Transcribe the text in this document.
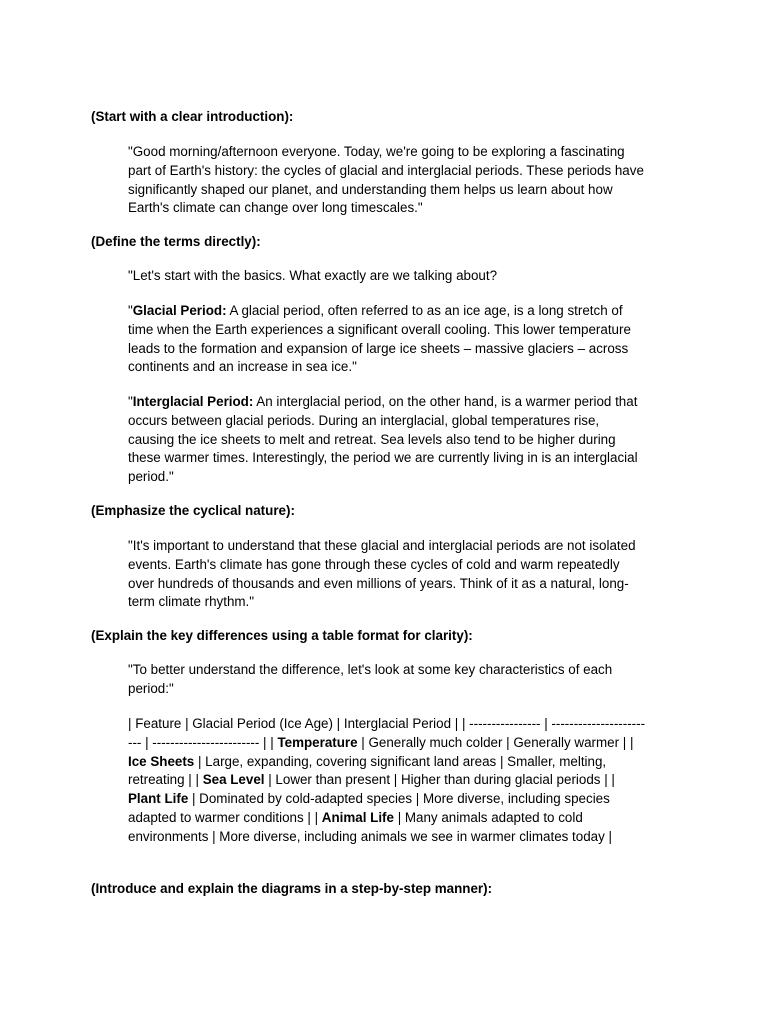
(Start with a clear introduction):

"Good morning/afternoon everyone. Today, we're going to be exploring a fascinating part of Earth's history: the cycles of glacial and interglacial periods. These periods have significantly shaped our planet, and understanding them helps us learn about how Earth's climate can change over long timescales."

(Define the terms directly):

"Let's start with the basics. What exactly are we talking about?

"Glacial Period: A glacial period, often referred to as an ice age, is a long stretch of time when the Earth experiences a significant overall cooling. This lower temperature leads to the formation and expansion of large ice sheets – massive glaciers – across continents and an increase in sea ice."

"Interglacial Period: An interglacial period, on the other hand, is a warmer period that occurs between glacial periods. During an interglacial, global temperatures rise, causing the ice sheets to melt and retreat. Sea levels also tend to be higher during these warmer times. Interestingly, the period we are currently living in is an interglacial period."

(Emphasize the cyclical nature):

"It's important to understand that these glacial and interglacial periods are not isolated events. Earth's climate has gone through these cycles of cold and warm repeatedly over hundreds of thousands and even millions of years. Think of it as a natural, long-term climate rhythm."

(Explain the key differences using a table format for clarity):

"To better understand the difference, let's look at some key characteristics of each period:"

| Feature | Glacial Period (Ice Age) | Interglacial Period | | ---------------- | ------------------------ | ------------------------ | | Temperature | Generally much colder | Generally warmer | | Ice Sheets | Large, expanding, covering significant land areas | Smaller, melting, retreating | | Sea Level | Lower than present | Higher than during glacial periods | | Plant Life | Dominated by cold-adapted species | More diverse, including species adapted to warmer conditions | | Animal Life | Many animals adapted to cold environments | More diverse, including animals we see in warmer climates today |

(Introduce and explain the diagrams in a step-by-step manner):
